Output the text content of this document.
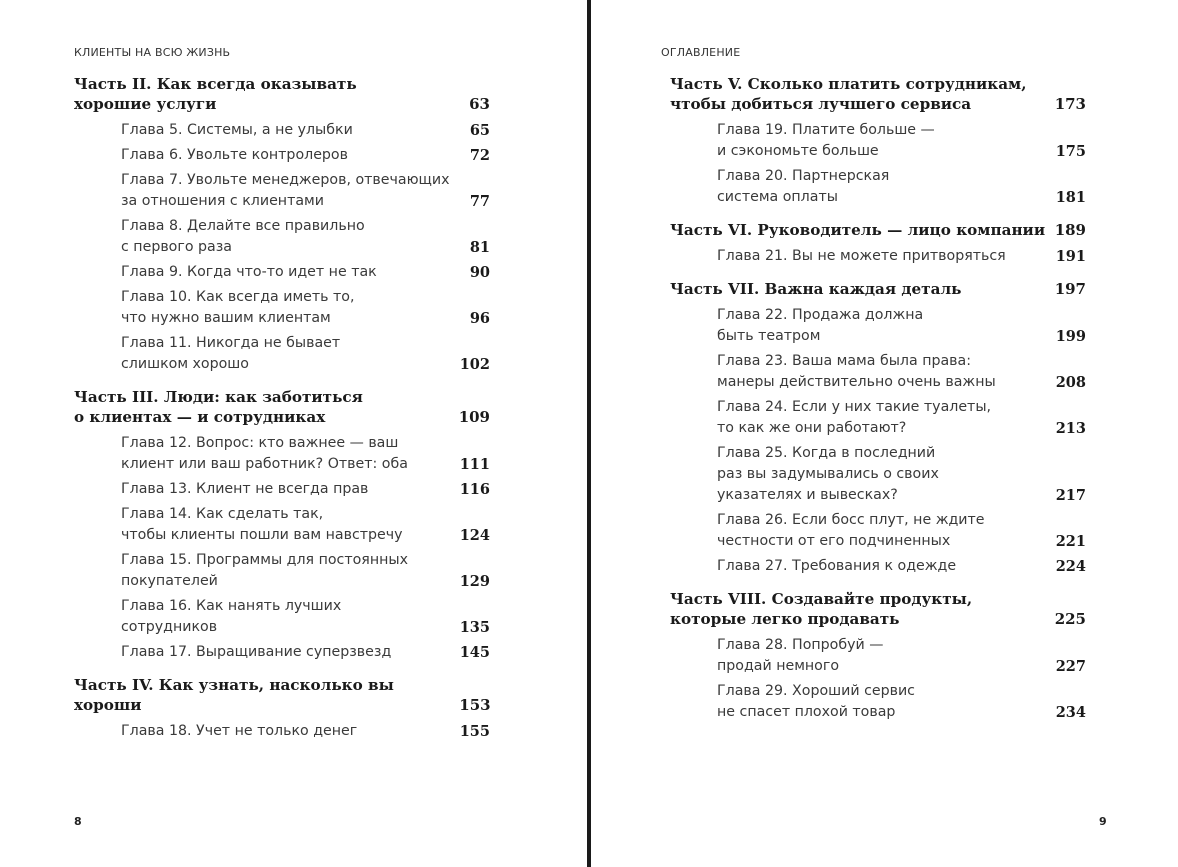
КЛИЕНТЫ НА ВСЮ ЖИЗНЬ
Часть II. Как всегда оказывать
хорошие услуги	63
Глава 5. Системы, а не улыбки	65
Глава 6. Увольте контролеров	72
Глава 7. Увольте менеджеров, отвечающих
за отношения с клиентами	77
Глава 8. Делайте все правильно
с первого раза	81
Глава 9. Когда что-то идет не так	90
Глава 10. Как всегда иметь то,
что нужно вашим клиентам	96
Глава 11. Никогда не бывает
слишком хорошо	102
Часть III. Люди: как заботиться
о клиентах — и сотрудниках	109
Глава 12. Вопрос: кто важнее — ваш
клиент или ваш работник? Ответ: оба	111
Глава 13. Клиент не всегда прав	116
Глава 14. Как сделать так,
чтобы клиенты пошли вам навстречу	124
Глава 15. Программы для постоянных
покупателей	129
Глава 16. Как нанять лучших
сотрудников	135
Глава 17. Выращивание суперзвезд	145
Часть IV. Как узнать, насколько вы хороши	153
Глава 18. Учет не только денег	155
8
ОГЛАВЛЕНИЕ
Часть V. Сколько платить сотрудникам,
чтобы добиться лучшего сервиса	173
Глава 19. Платите больше —
и сэкономьте больше	175
Глава 20. Партнерская
система оплаты	181
Часть VI. Руководитель — лицо компании 189
Глава 21. Вы не можете притворяться	191
Часть VII. Важна каждая деталь	197
Глава 22. Продажа должна
быть театром	199
Глава 23. Ваша мама была права:
манеры действительно очень важны	208
Глава 24. Если у них такие туалеты,
то как же они работают?	213
Глава 25. Когда в последний
раз вы задумывались о своих
указателях и вывесках?	217
Глава 26. Если босс плут, не ждите
честности от его подчиненных	221
Глава 27. Требования к одежде	224
Часть VIII. Создавайте продукты,
которые легко продавать	225
Глава 28. Попробуй —
продай немного	227
Глава 29. Хороший сервис
не спасет плохой товар	234
9
